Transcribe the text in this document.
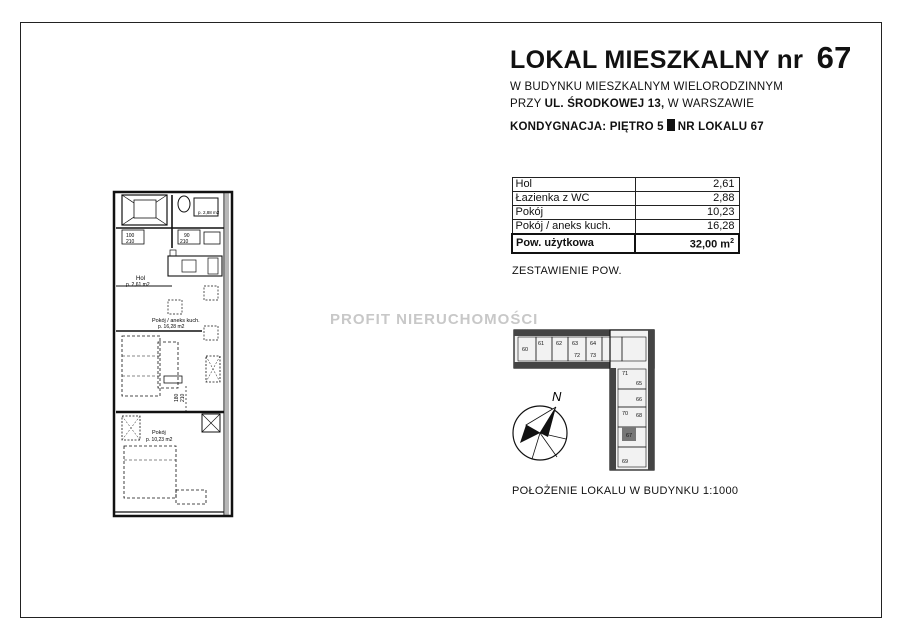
LOKAL MIESZKALNY nr 67
W BUDYNKU MIESZKALNYM WIELORODZINNYM
PRZY UL. ŚRODKOWEJ 13, W WARSZAWIE
KONDYGNACJA: PIĘTRO 5 NR LOKALU 67
Hol	2,61
Łazienka z WC	2,88
Pokój	10,23
Pokój / aneks kuch.	16,28
Pow. użytkowa	32,00 $m^2$
ZESTAWIENIE POW.
PROFIT NIERUCHOMOŚCI
p. 2,88 m2
100
210
90
210
Hol
p. 2,61 m2
Pokój / aneks kuch.
p. 16,28 m2
180 210
Pokój
p. 10,23 m2
60
61 62 63 64
65
66
67
68
69
70
71
72 73
N
POŁOŻENIE LOKALU W BUDYNKU 1:1000
